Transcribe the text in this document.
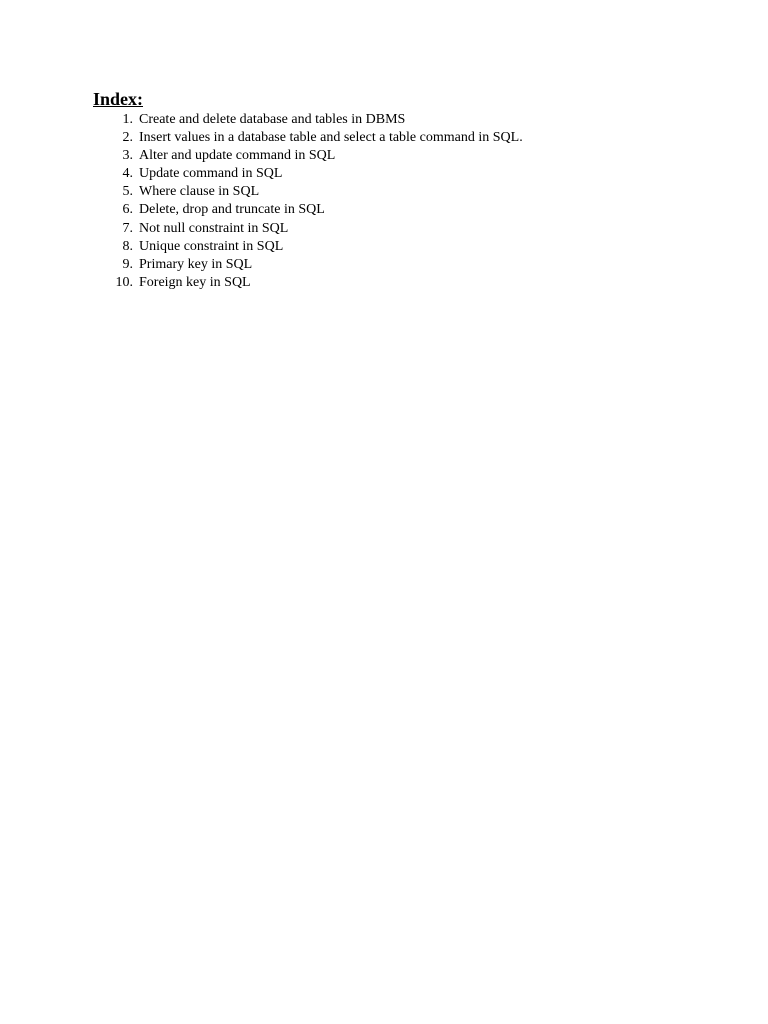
Index:
1. Create and delete database and tables in DBMS
2. Insert values in a database table and select a table command in SQL.
3. Alter and update command in SQL
4. Update command in SQL
5. Where clause in SQL
6. Delete, drop and truncate in SQL
7. Not null constraint in SQL
8. Unique constraint in SQL
9. Primary key in SQL
10. Foreign key in SQL
